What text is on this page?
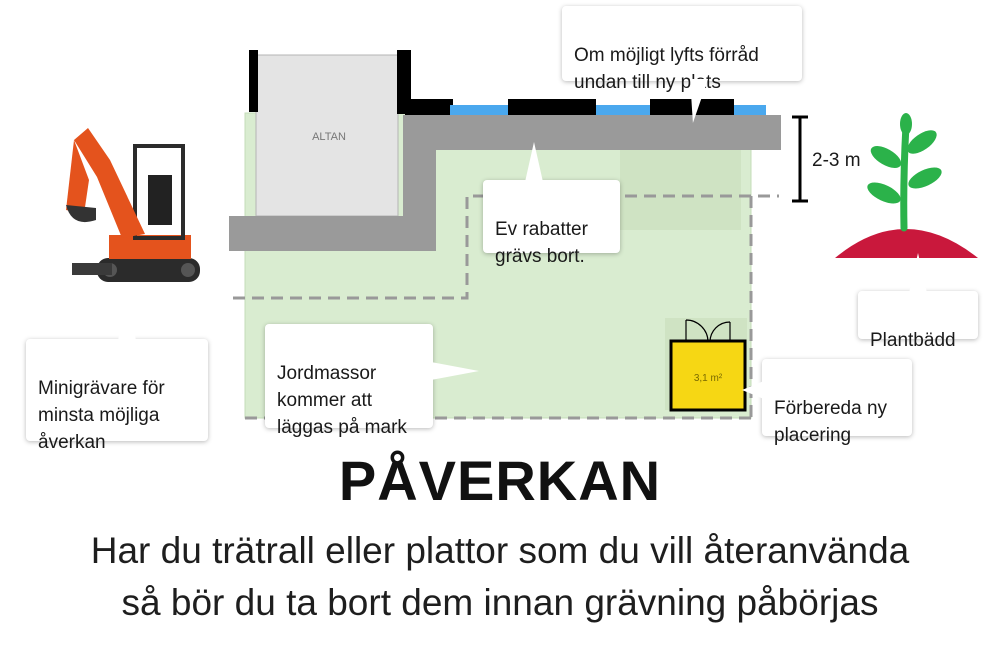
ALTAN
3,1 m²
2-3 m

Om möjligt lyfts förråd
undan till ny plats

Ev rabatter
grävs bort.

Plantbädd

Minigrävare för
minsta möjliga
åverkan

Jordmassor
kommer att
läggas på mark

Förbereda ny
placering

PÅVERKAN
Har du trätrall eller plattor som du vill återanvända
så bör du ta bort dem innan grävning påbörjas
